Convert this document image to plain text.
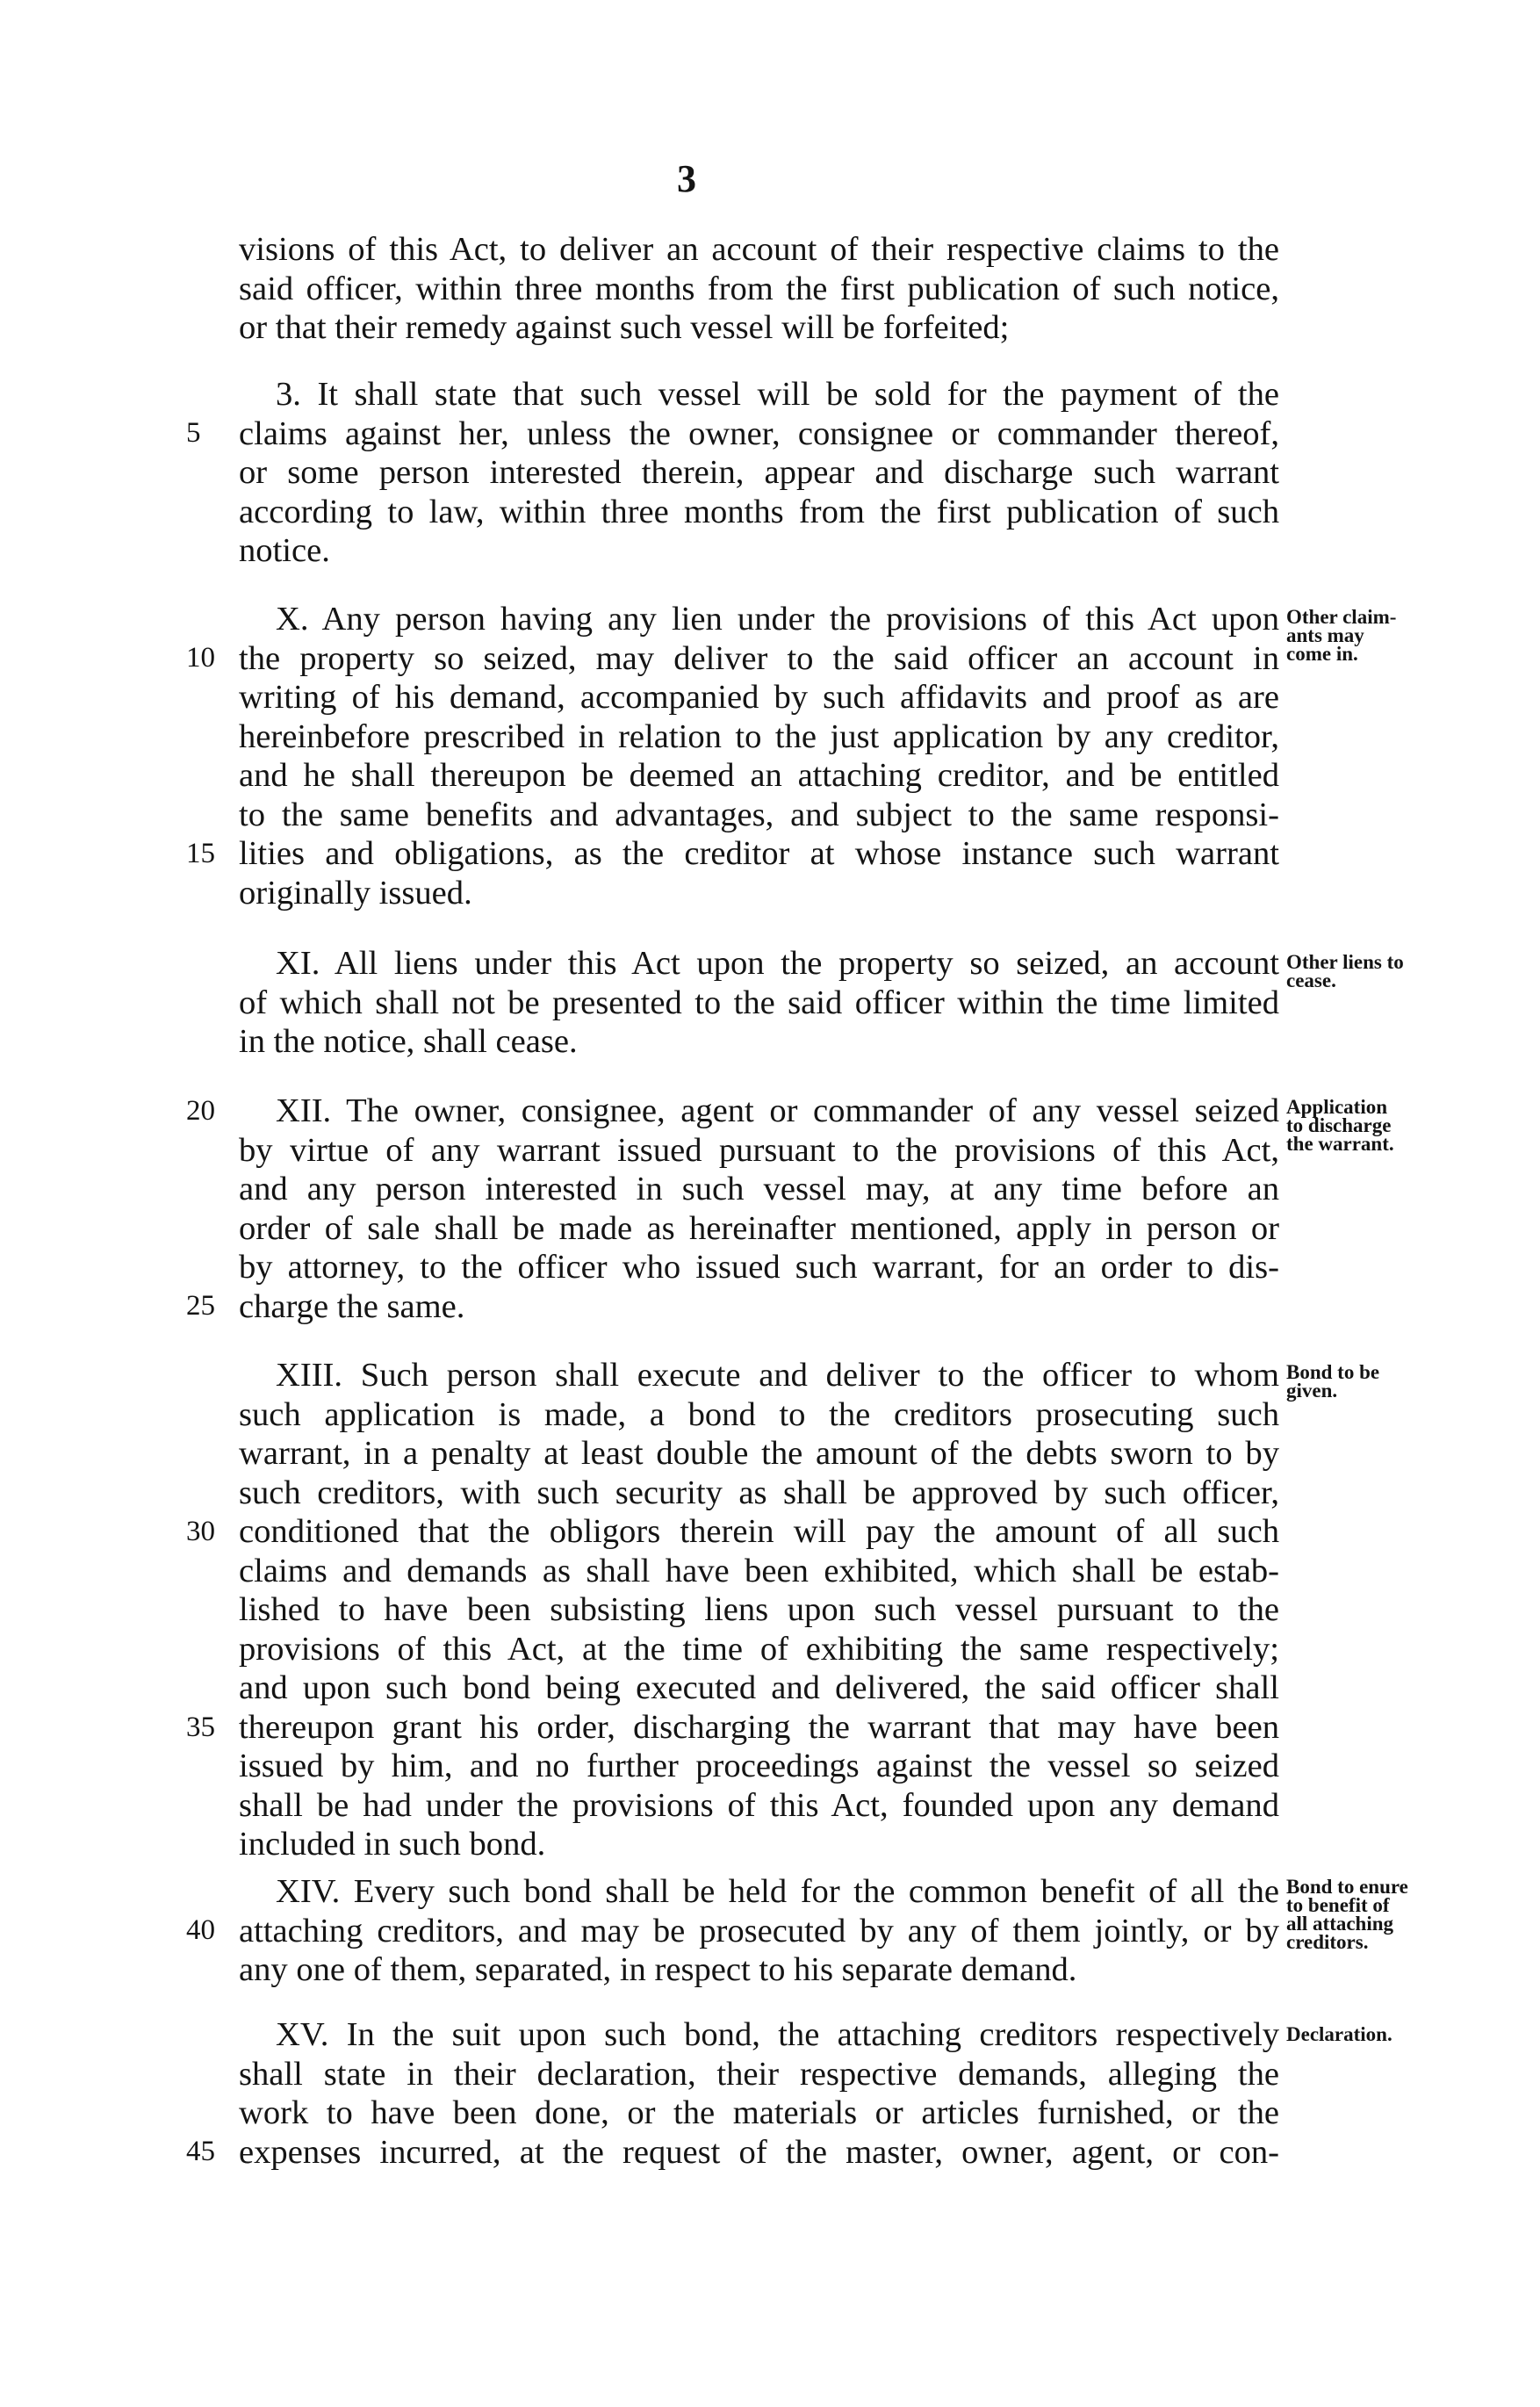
3
visions of this Act, to deliver an account of their respective claims to the
said officer, within three months from the first publication of such notice,
or that their remedy against such vessel will be forfeited;
3. It shall state that such vessel will be sold for the payment of the
claims against her, unless the owner, consignee or commander thereof,
or some person interested therein, appear and discharge such warrant
according to law, within three months from the first publication of such
notice.
X. Any person having any lien under the provisions of this Act upon
the property so seized, may deliver to the said officer an account in
writing of his demand, accompanied by such affidavits and proof as are
hereinbefore prescribed in relation to the just application by any creditor,
and he shall thereupon be deemed an attaching creditor, and be entitled
to the same benefits and advantages, and subject to the same responsi-
lities and obligations, as the creditor at whose instance such warrant
originally issued.
XI. All liens under this Act upon the property so seized, an account
of which shall not be presented to the said officer within the time limited
in the notice, shall cease.
XII. The owner, consignee, agent or commander of any vessel seized
by virtue of any warrant issued pursuant to the provisions of this Act,
and any person interested in such vessel may, at any time before an
order of sale shall be made as hereinafter mentioned, apply in person or
by attorney, to the officer who issued such warrant, for an order to dis-
charge the same.
XIII. Such person shall execute and deliver to the officer to whom
such application is made, a bond to the creditors prosecuting such
warrant, in a penalty at least double the amount of the debts sworn to by
such creditors, with such security as shall be approved by such officer,
conditioned that the obligors therein will pay the amount of all such
claims and demands as shall have been exhibited, which shall be estab-
lished to have been subsisting liens upon such vessel pursuant to the
provisions of this Act, at the time of exhibiting the same respectively;
and upon such bond being executed and delivered, the said officer shall
thereupon grant his order, discharging the warrant that may have been
issued by him, and no further proceedings against the vessel so seized
shall be had under the provisions of this Act, founded upon any demand
included in such bond.
XIV. Every such bond shall be held for the common benefit of all the
attaching creditors, and may be prosecuted by any of them jointly, or by
any one of them, separated, in respect to his separate demand.
XV. In the suit upon such bond, the attaching creditors respectively
shall state in their declaration, their respective demands, alleging the
work to have been done, or the materials or articles furnished, or the
expenses incurred, at the request of the master, owner, agent, or con-
5
10
15
20
25
30
35
40
45
Other claim-
ants may
come in.
Other liens to
cease.
Application
to discharge
the warrant.
Bond to be
given.
Bond to enure
to benefit of
all attaching
creditors.
Declaration.
